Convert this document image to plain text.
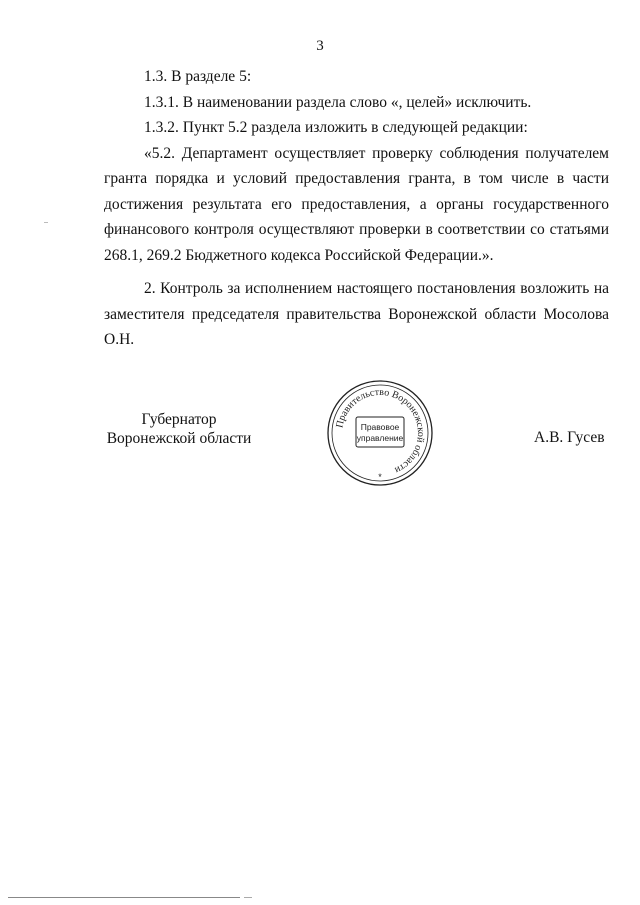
3

1.3. В разделе 5:

1.3.1. В наименовании раздела слово «, целей» исключить.

1.3.2. Пункт 5.2 раздела изложить в следующей редакции:

«5.2. Департамент осуществляет проверку соблюдения получателем гранта порядка и условий предоставления гранта, в том числе в части достижения результата его предоставления, а органы государственного финансового контроля осуществляют проверки в соответствии со статьями 268.1, 269.2 Бюджетного кодекса Российской Федерации.».

2. Контроль за исполнением настоящего постановления возложить на заместителя председателя правительства Воронежской области Мосолова О.Н.

Губернатор
Воронежской области	А.В. Гусев
Правительство Воронежской области
Правовое
управление
*
